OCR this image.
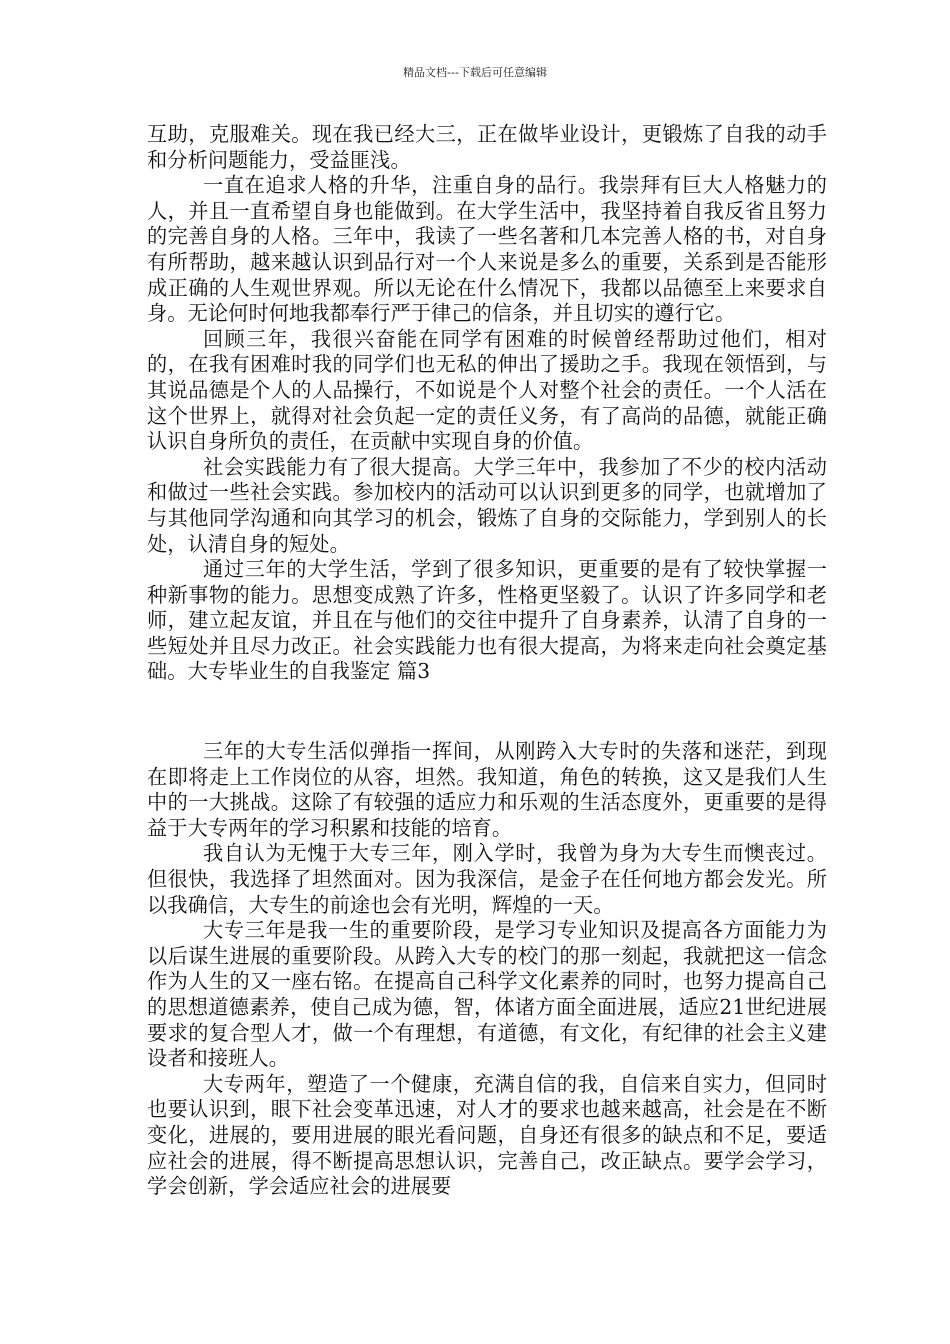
精品文档---下载后可任意编辑

互助，克服难关。现在我已经大三，正在做毕业设计，更锻炼了自我的动手和分析问题能力，受益匪浅。

一直在追求人格的升华，注重自身的品行。我崇拜有巨大人格魅力的人，并且一直希望自身也能做到。在大学生活中，我坚持着自我反省且努力的完善自身的人格。三年中，我读了一些名著和几本完善人格的书，对自身有所帮助，越来越认识到品行对一个人来说是多么的重要，关系到是否能形成正确的人生观世界观。所以无论在什么情况下，我都以品德至上来要求自身。无论何时何地我都奉行严于律己的信条，并且切实的遵行它。

回顾三年，我很兴奋能在同学有困难的时候曾经帮助过他们，相对的，在我有困难时我的同学们也无私的伸出了援助之手。我现在领悟到，与其说品德是个人的人品操行，不如说是个人对整个社会的责任。一个人活在这个世界上，就得对社会负起一定的责任义务，有了高尚的品德，就能正确认识自身所负的责任，在贡献中实现自身的价值。

社会实践能力有了很大提高。大学三年中，我参加了不少的校内活动和做过一些社会实践。参加校内的活动可以认识到更多的同学，也就增加了与其他同学沟通和向其学习的机会，锻炼了自身的交际能力，学到别人的长处，认清自身的短处。

通过三年的大学生活，学到了很多知识，更重要的是有了较快掌握一种新事物的能力。思想变成熟了许多，性格更坚毅了。认识了许多同学和老师，建立起友谊，并且在与他们的交往中提升了自身素养，认清了自身的一些短处并且尽力改正。社会实践能力也有很大提高，为将来走向社会奠定基础。大专毕业生的自我鉴定 篇3

三年的大专生活似弹指一挥间，从刚跨入大专时的失落和迷茫，到现在即将走上工作岗位的从容，坦然。我知道，角色的转换，这又是我们人生中的一大挑战。这除了有较强的适应力和乐观的生活态度外，更重要的是得益于大专两年的学习积累和技能的培育。

我自认为无愧于大专三年，刚入学时，我曾为身为大专生而懊丧过。但很快，我选择了坦然面对。因为我深信，是金子在任何地方都会发光。所以我确信，大专生的前途也会有光明，辉煌的一天。

大专三年是我一生的重要阶段，是学习专业知识及提高各方面能力为以后谋生进展的重要阶段。从跨入大专的校门的那一刻起，我就把这一信念作为人生的又一座右铭。在提高自己科学文化素养的同时，也努力提高自己的思想道德素养，使自己成为德，智，体诸方面全面进展，适应21世纪进展要求的复合型人才，做一个有理想，有道德，有文化，有纪律的社会主义建设者和接班人。

大专两年，塑造了一个健康，充满自信的我，自信来自实力，但同时也要认识到，眼下社会变革迅速，对人才的要求也越来越高，社会是在不断变化，进展的，要用进展的眼光看问题，自身还有很多的缺点和不足，要适应社会的进展，得不断提高思想认识，完善自己，改正缺点。要学会学习，学会创新，学会适应社会的进展要
